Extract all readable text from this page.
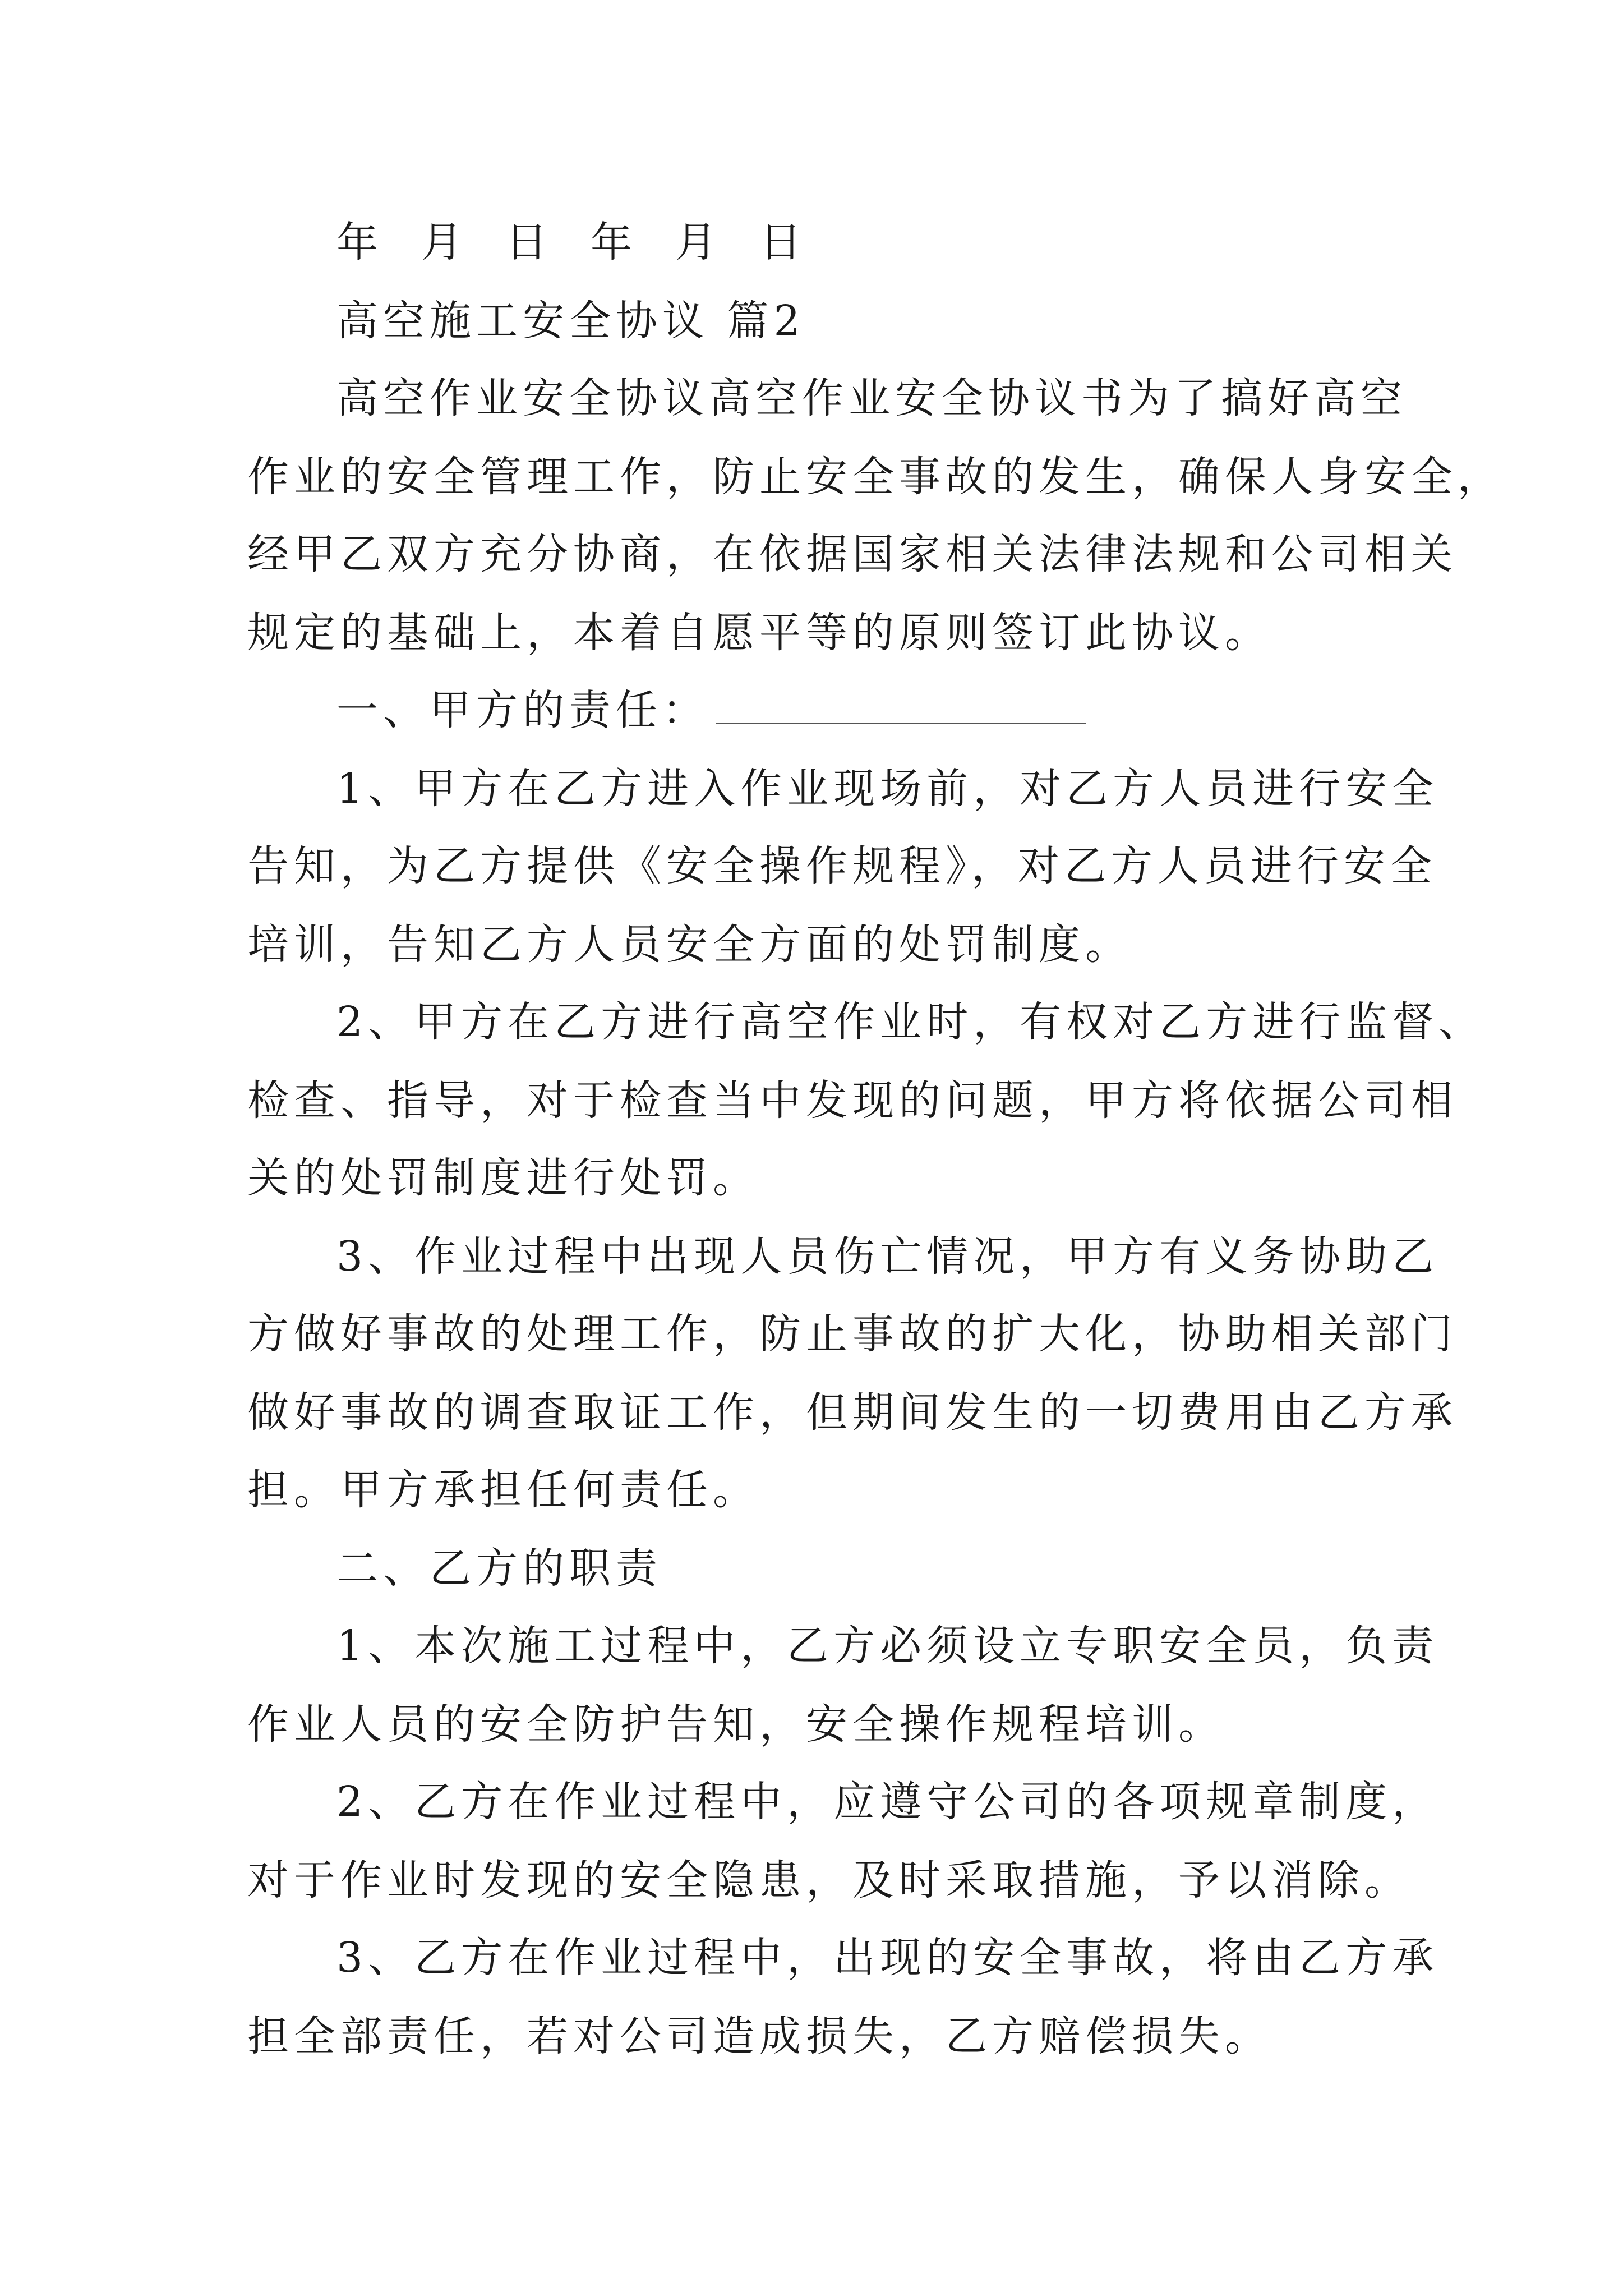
年 月 日 年 月 日
高空施工安全协议 篇2
高空作业安全协议高空作业安全协议书为了搞好高空
作业的安全管理工作，防止安全事故的发生，确保人身安全，
经甲乙双方充分协商，在依据国家相关法律法规和公司相关
规定的基础上，本着自愿平等的原则签订此协议。
一、甲方的责任：
1、甲方在乙方进入作业现场前，对乙方人员进行安全
告知，为乙方提供《安全操作规程》，对乙方人员进行安全
培训，告知乙方人员安全方面的处罚制度。
2、甲方在乙方进行高空作业时，有权对乙方进行监督、
检查、指导，对于检查当中发现的问题，甲方将依据公司相
关的处罚制度进行处罚。
3、作业过程中出现人员伤亡情况，甲方有义务协助乙
方做好事故的处理工作，防止事故的扩大化，协助相关部门
做好事故的调查取证工作，但期间发生的一切费用由乙方承
担。甲方承担任何责任。
二、乙方的职责
1、本次施工过程中，乙方必须设立专职安全员，负责
作业人员的安全防护告知，安全操作规程培训。
2、乙方在作业过程中，应遵守公司的各项规章制度，
对于作业时发现的安全隐患，及时采取措施，予以消除。
3、乙方在作业过程中，出现的安全事故，将由乙方承
担全部责任，若对公司造成损失，乙方赔偿损失。
